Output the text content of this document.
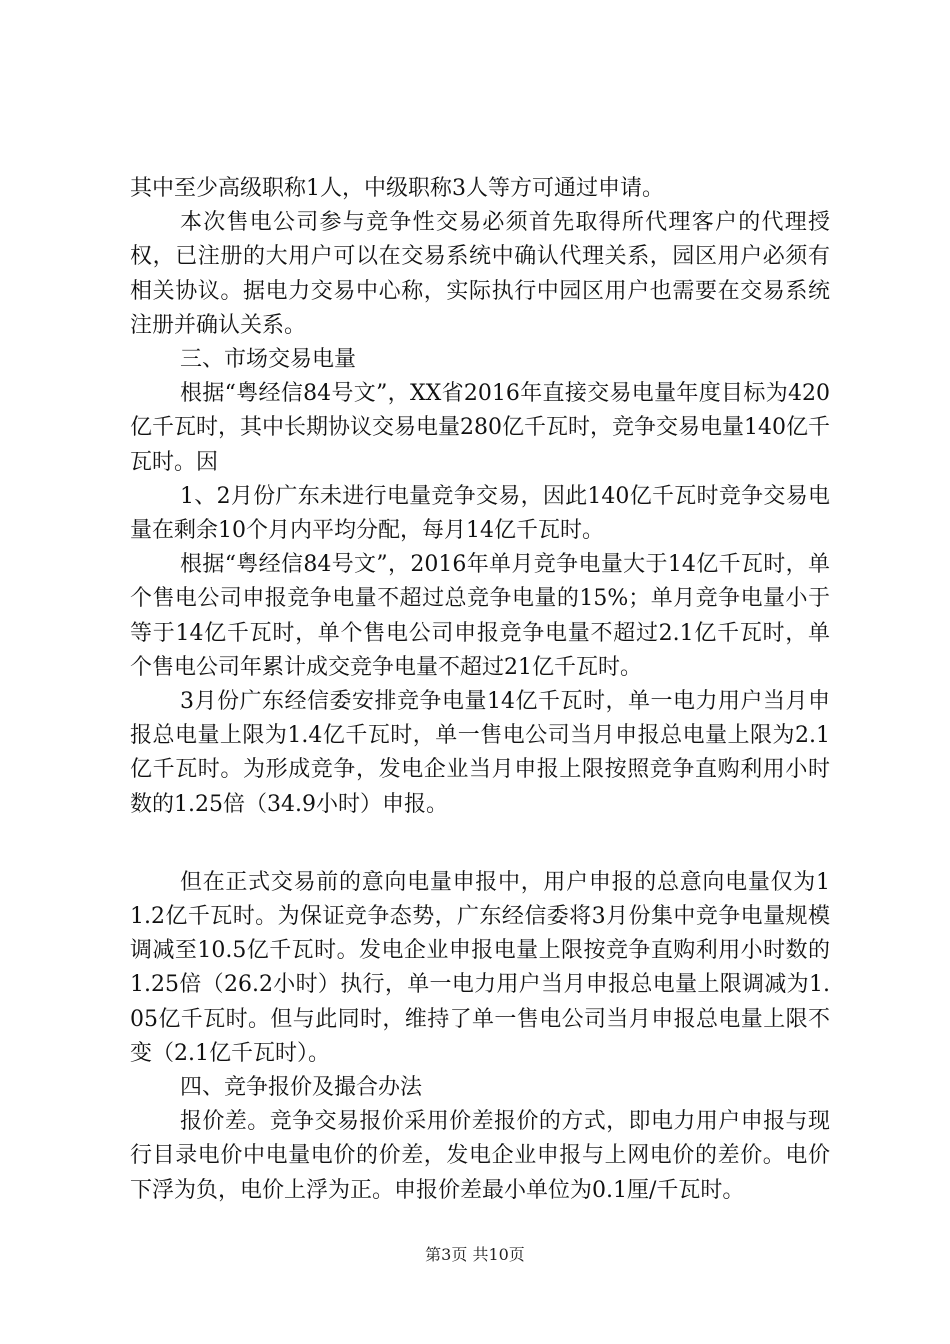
其中至少高级职称1人，中级职称3人等方可通过申请。

本次售电公司参与竞争性交易必须首先取得所代理客户的代理授权，已注册的大用户可以在交易系统中确认代理关系，园区用户必须有相关协议。据电力交易中心称，实际执行中园区用户也需要在交易系统注册并确认关系。

三、市场交易电量

根据“粤经信84号文”，XX省2016年直接交易电量年度目标为420亿千瓦时，其中长期协议交易电量280亿千瓦时，竞争交易电量140亿千瓦时。因

1、2月份广东未进行电量竞争交易，因此140亿千瓦时竞争交易电量在剩余10个月内平均分配，每月14亿千瓦时。

根据“粤经信84号文”，2016年单月竞争电量大于14亿千瓦时，单个售电公司申报竞争电量不超过总竞争电量的15%；单月竞争电量小于等于14亿千瓦时，单个售电公司申报竞争电量不超过2.1亿千瓦时，单个售电公司年累计成交竞争电量不超过21亿千瓦时。

3月份广东经信委安排竞争电量14亿千瓦时，单一电力用户当月申报总电量上限为1.4亿千瓦时，单一售电公司当月申报总电量上限为2.1亿千瓦时。为形成竞争，发电企业当月申报上限按照竞争直购利用小时数的1.25倍（34.9小时）申报。

但在正式交易前的意向电量申报中，用户申报的总意向电量仅为11.2亿千瓦时。为保证竞争态势，广东经信委将3月份集中竞争电量规模调减至10.5亿千瓦时。发电企业申报电量上限按竞争直购利用小时数的1.25倍（26.2小时）执行，单一电力用户当月申报总电量上限调减为1.05亿千瓦时。但与此同时，维持了单一售电公司当月申报总电量上限不变（2.1亿千瓦时）。

四、竞争报价及撮合办法

报价差。竞争交易报价采用价差报价的方式，即电力用户申报与现行目录电价中电量电价的价差，发电企业申报与上网电价的差价。电价下浮为负，电价上浮为正。申报价差最小单位为0.1厘/千瓦时。

第3页 共10页
